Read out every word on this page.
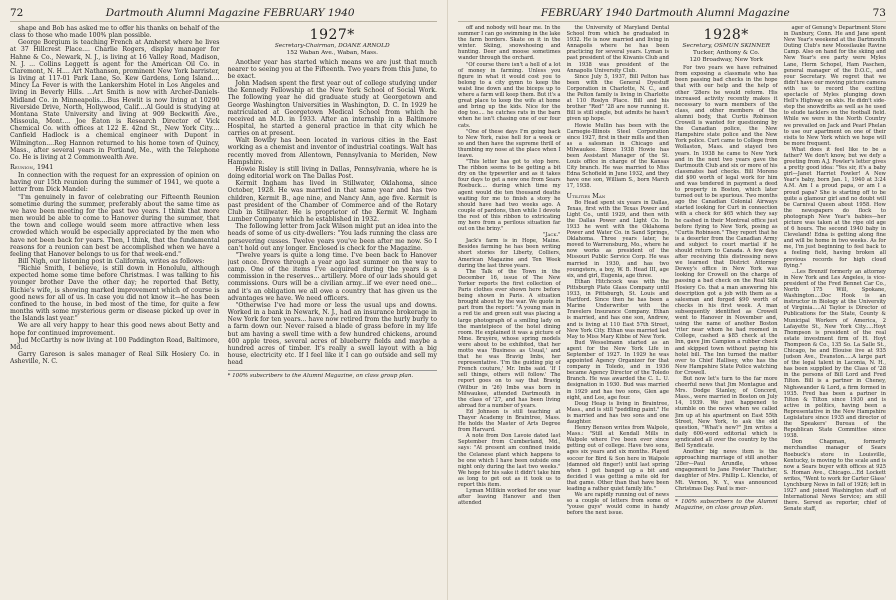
72	Dartmouth Alumni Magazine FEBRUARY 1940

shape and Bob has asked me to offer his thanks on behalf of the class to those who made 100% plan possible.

George Borgium is teaching French at Amherst where he lives at 37 Hillcrest Place.... Charlie Rogers, display manager for Hahne & Co., Newark, N. J., is living at 16 Valley Road, Madison, N. J. ... Collins Leggett is agent for the American Oil Co. in Claremont, N. H.... Art Nathanson, prominent New York barrister, is living at 117-01 Park Lane, So. Kew Gardens, Long Island.... Mincy La Fever is with the Lankershim Hotel in Los Angeles and living in Beverly Hills. ...Art Smith is now with Archer-Daniels-Midland Co. in Minneapolis....Bus Hewlit is now living at 10290 Riverside Drive, North, Hollywood, Calif....Al Gould is studying at Montana State University and living at 909 Beckwith Ave., Missoula, Mont.... Joe Eaton is Research Director of Vick Chemical Co. with offices at 122 E. 42nd St., New York City.... Canfield Hadlock is a chemical engineer with Dupont in Wilmington....Reg Hannon returned to his home town of Quincy, Mass., after several years in Portland, Me., with the Telephone Co. He is living at 2 Commonwealth Ave.

Reunion, 1941

In connection with the request for an expression of opinion on having our 15th reunion during the summer of 1941, we quote a letter from Dick Mandel:

"I'm genuinely in favor of celebrating our Fifteenth Reunion sometime during the summer, preferably about the same time as we have been meeting for the past two years. I think that more men would be able to come to Hanover during the summer, that the town and college would seem more attractive when less crowded which would be especially appreciated by the men who have not been back for years. Then, I think, that the fundamental reasons for a reunion can best be accomplished when we have a feeling that Hanover belongs to us for that week-end."

Bill Nigh, our listening post in California, writes as follows:

"Richie Smith, I believe, is still down in Honolulu, although expected home some time before Christmas. I was talking to his younger brother Dave the other day; he reported that Betty, Richie's wife, is showing marked improvement which of course is good news for all of us. In case you did not know it—he has been confined to the house, in bed most of the time, for quite a few months with some mysterious germ or disease picked up over in the Islands last year."

We are all very happy to hear this good news about Betty and hope for continued improvement.

Jud McCarthy is now living at 100 Paddington Road, Baltimore, Md.

Garry Gareson is sales manager of Real Silk Hosiery Co. in Asheville, N. C.

1927*
Secretary-Chairman, DOANE ARNOLD
152 Waban Ave., Waban, Mass.

Another year has started which means we are just that much nearer to seeing you at the Fifteenth. Two years from this June, to be exact.

John Madsen spent the first year out of college studying under the Kennedy Fellowship at the New York School of Social Work. The following year he did graduate study at Georgetown and George Washington Universities in Washington, D. C. In 1929 he matriculated at Georgetown Medical School from which he received an M.D. in 1933. After an internship in a Baltimore Hospital, he started a general practice in that city which he carries on at present.

Walt Bowlby has been located in various cities in the East working as a chemist and inventor of industrial coatings. Walt has recently moved from Allentown, Pennsylvania to Meriden, New Hampshire.

Howie Risley is still living in Dallas, Pennsylvania, where he is doing editorial work on The Dallas Post.

Kermit Ingham has lived in Stillwater, Oklahoma, since October, 1928. He was married in that same year and has two children, Kermit B., age nine, and Nancy Ann, age five. Kermit is past president of the Chamber of Commerce and of the Rotary Club in Stillwater. He is proprietor of the Kermit W. Ingham Lumber Company which he established in 1932.

The following letter from Jack Wilson might put an idea into the heads of some of us city-dwellers: "You lads running the class are persevering cusses. Twelve years you've been after me now. So I can't hold out any longer. Enclosed is check for the Magazine.

"Twelve years is quite a long time. I've been back to Hanover just once. Drove through a year ago last summer on the way to camp. One of the items I've acquired during the years is a commission in the reserves... artillery. More of our lads should get commissions. Ours will be a civilian army...if we ever need one... and it's an obligation we all owe a country that has given us the advantages we have. We need officers.

"Otherwise I've had more or less the usual ups and downs. Worked in a bank in Newark, N. J., had an insurance brokerage in New York for ten years... have now retired from the hurly burly to a farm down our. Never raised a blade of grass before in my life but am having a swell time with a few hundred chickens, around 400 apple trees, several acres of blueberry fields and maybe a hundred acres of timber. It's really a swell layout with a big house, electricity etc. If I feel like it I can go outside and sell my head

* 100% subscribers to the Alumni Magazine, on class group plan.
FEBRUARY 1940 Dartmouth Alumni Magazine	73

off and nobody will hear me. In the summer I can go swimming in the lake the farm borders. Skate on it in the winter. Skiing, snowshoeing and hunting. Deer and moose sometimes wander through the orchard.

"Of course there isn't a hell of a lot of money in farming. Unless you figure in what it would cost you to belong to a city gymn to keep the waist line down and the biceps up to where a farm will keep them. But it's a great place to keep the wife at home and bring up the kids. Nice for the dog too.... he catches rats in the barn when he isn't chasing one of our four cats.

"One of these days I'm going back to New York, raise hell for a week or so and then have the supreme thrill of thumbing my nose at the place when I leave.

"This letter has got to stop here. The ribbon seems to be getting a bit dry on the typewriter and as it takes four days to get a new one from Sears Roebuck.... during which time my agent would die ten thousand deaths waiting for me to finish a story he should have had two weeks ago. A couple of pardons, then while I devote the rest of this ribbon to extricating my hero from a perilous situation far out on the briny."

"Jack."

Jack's farm is in Hope, Maine. Besides farming he has been writing short stories for Liberty, Colliers, American Magazine and Ten Week during the last three years.

The Talk of the Town in the December 16, issue of The New Yorker reports the first collection of Paris clothes ever shown here before being shown in Paris. A situation brought about by the war. We quote in part from the report: "A young man in a red tie and green suit was placing a large photograph of a smiling lady on the mantelpiece of the hotel dining room. He explained it was a picture of Mme. Bruyère, whose spring models were about to be exhibited, that her motto was 'Business as Usual,' and that he was Bravig Imbs, her representative. 'I'm the guiding pig of French couture,' Mr. Imbs said. 'If I sell things, others will follow.' The report goes on to say that Bravig (Wilbur in '26) Imbs was born in Milwaukee, attended Dartmouth in the class of '27, and has been living abroad for a number of years.

Ed Johnson is still teaching at Thayer Academy in Braintree, Mass. He holds the Master of Arts Degree from Harvard.

A note from Don Lavoie dated last September from Cumberland, Md., says: "At present am confined inside the Celanese plant which happens to be one which I have been outside one night only during the last two weeks." We hope for his sake it didn't take him as long to get out as it took us to report this item.

Lyman Millikin worked for one year after leaving Hanover and then attended

the University of Maryland Dental School from which he graduated in 1932. He is now married and living in Annapolis where he has been practicing for several years. Lyman is past president of the Kiwanis Club and in 1938 was president of the Annapolis University Club.

Since July 5, 1937, Bill Pelton has been with the General Dyestuff Corporation in Charlotte, N. C., and the Pelton family is living in Charlotte at 110 Roslyn Place. Bill and his brother "Red" '28 are now running it. Bill is still single, but admits he hasn't given up hope.

Howie Mullin has been with the Carnegie-Illinois Steel Corporation since 1927, first in their mills and then as a salesman in Chicago and Milwaukee. Since 1938 Howie has been Assistant Manager of the St. Louis office in charge of the Kansas City branch. He was married to Miss Edna Schofield in June 1932, and they have one son, William S., born March 17, 1938.

Utilities Man

Bo Head spent six years in Dallas, Texas, first with the Texas Power and Light Co., until 1929, and then with the Dallas Power and Light Co. In 1933 he went with the Oklahoma Power and Water Co. in Sand Springs, Oklahoma. Three years later, he moved to Warrensburg, Mo., where he now works as president of the Missouri Public Service Corp. He was married in 1930, and has two youngsters, a boy, W. B. Head III, age six, and girl, Eugenia, age three.

Ethan Hitchcock was with the Pittsburgh Plate Glass Company until 1933, in Pittsburgh, St. Louis and Hartford. Since then he has been a Marine Underwriter with the Travelers Insurance Company. Ethan is married, and has one son, Andrew, and is living at 110 East 57th Street, New York City. Ethan was married last May to Miss Mary Kibbe of New York.

Bud Wesselmann started as an agent for the New York Life in September of 1927. In 1929 he was appointed Agency Organizer for that company in Toledo, and in 1936 became Agency Director of the Toledo Branch. He was awarded the C. L. U. designation in 1930. Bud was married in 1929 and has two sons, Glen age eight, and Lee, age four.

Doug Heap is living in Braintree, Mass., and is still "peddling paint." He is married and has two sons and one daughter.

Henry Benson writes from Walpole, Mass.: "Still at Kendall Mills in Walpole where I've been ever since getting out of college. Have two sons, ages six years and six months. Played soccer for Bird & Son here in Walpole (damned old finger!) until last spring when I got banged up a bit and decided I was getting a mite old for that game. Other than that have been leading a rather quiet family life."

We are rapidly running out of news so a couple of letters from some of "youse guys" would come in handy before the next issue.

1928*
Secretary, OSMUN SKINNER
Tucker, Anthony & Co.
120 Broadway, New York

For two years we have refrained from exposing a classmate who has been passing bad checks in the hope that with our help and the help of other '28ers he would reform. His increased activity recently makes it necessary to warn members of the class, and other members of the alumni body, that Curtis Robinson Crowell is wanted for questioning by the Canadian police, the New Hampshire state police and the New York police. Curt came to College from Wollaston, Mass. and stayed two years. In 1938 he came to New York and in the next two years gave the Dartmouth Club and six or more of his classmates bad checks. Bill Moreno did $90 worth of legal work for him and was tendered in payment a deed to property in Boston, which later turned out to be spurious. Two months ago the Canadian Colonial Airways started looking for Curt in connection with a check for $65 which they say he cashed in their Montreal office just before flying to New York, posing as "Curtis Robinson." They report that he is a deserter from the Canadian Army and subject to court martial if he should return to Canada. A few days after receiving this distressing news we learned that District Attorney Dewey's office in New York was looking for Crowell on the charge of passing a bad check on the Real Silk Hosiery Co. that a man answering his description got a job with them as a salesman and forged $90 worth of checks in his first week. A man subsequently identified as Crowell went to Hanover in November and, using the name of another Boston 'riter near whom he had roomed in College, cashed a $85 check at the Inn, gave Jim Campion a rubber check and skipped town without paying his hotel bill. The Inn turned the matter over to Chief Hallisey, who has the New Hampshire State Police watching for Crowell.

But now let's turn to the far more cheerful news that Jim Montague and Mrs. Dodge Stanley, of Concord, Mass., were married in Boston on July 14, 1939. We just happened to stumble on the news when we called Jim up at his apartment on East 55th Street, New York, to ask the old question, "What's new?" Jim writes a daily 600-word editorial which is syndicated all over the country by the Bell Syndicate.

Another big news item is the approaching marriage of still another '28er—Paul Arundle, whose engagement to Jane Fowler Thatcher, daughter of Mrs. Phillip L. Klencke, of Mt. Vernon, N. Y., was announced Christmas Day. Paul is mer-

* 100% subscribers to the Alumni Magazine, on class group plan.

ager of Genung's Department Store in Danbury, Conn. He and Jane spent New Year's weekend at the Dartmouth Outing Club's new Moosilauke Ravine Camp. Also on hand for the skiing and New Year's eve party were Myles Lane, Herm Schopel, Ham Paschen, general manager of the D.O.C., and your Secretary. We regret that we didn't have our moving picture camera with us to record the exciting spectacle of Myles plunging down Hell's Highway on skis. He didn't side-step the snowdrifts as well as he used to elude tacklers on the football field. While we were in the North Country we prevailed on Jack and Pearl Phelan to use our apartment on one of their visits to New York which we hope will be more frequent.

What does it feel like to be a father? We don't know, but we defy a greeting from A.J. Fowler's letter gives a pretty good idea: "Yes sir, it's a baby girl—Janet Harriet Fowler! A New Year's baby, born Jan. 1, 1940 at 3:24 A.M. Am I a proud papa, or am I a proud papa? She is starting off to be quite a glamour girl and no doubt will be Carnival Queen about 1958. How the newspapers do flock to photograph New Year's babies—her picture was taken at the ripe old age of 6 hours. The second 1940 baby in Cleveland! Edna is getting along fine and will be home in two weeks. As for me, I'm just beginning to feel back to a feeling field, having broken all previous records for high cloud flying."

...Les Brenzif formerly an attorney in New York and Les Angeles, is vice-president of the Fred Bennet Car Co., North 175 Will, Spokane, Washington....Doc Hook is an instructor in Biology at the University of Virginia.....Al Taylor is Director of Publications for the State, County & Municipal Workers of America, 2 Lafayette St., New York City.....Hoyt Thompson is president of the real estate investment firm of H. Hoyt Thompson & Co., 135 So. La Salle St., Chicago, he and Elouise live at 935 Judson Ave., Evanston.....A large part of the legal talent in Laconia, N. H., has been supplied by the Class of '28 in the persons of Bill Lord and Fred Tilton. Bill is a partner in Cheney, Nighswander & Lord, a firm formed in 1935. Fred has been a partner in Tilton & Tilton since 1930 and is active in politics, having been a Representative in the New Hampshire Legislature since 1935 and director of the Speakers' Bureau of the Republican State Committee since 1938.

Don Chapman, formerly merchandise manager of Sears Roebuck's store in Louisville, Kentucky, is moving to the scale and is now a Sears buyer with offices at 925 S. Homan Ave., Chicago....Ed Lockett writes, "Went to work for Carter Glass' Lynchburg News in fall of 1926; left in 1927 and joined Washington staff of International News Service; am still there. Served as reporter, chief of Senate staff,
